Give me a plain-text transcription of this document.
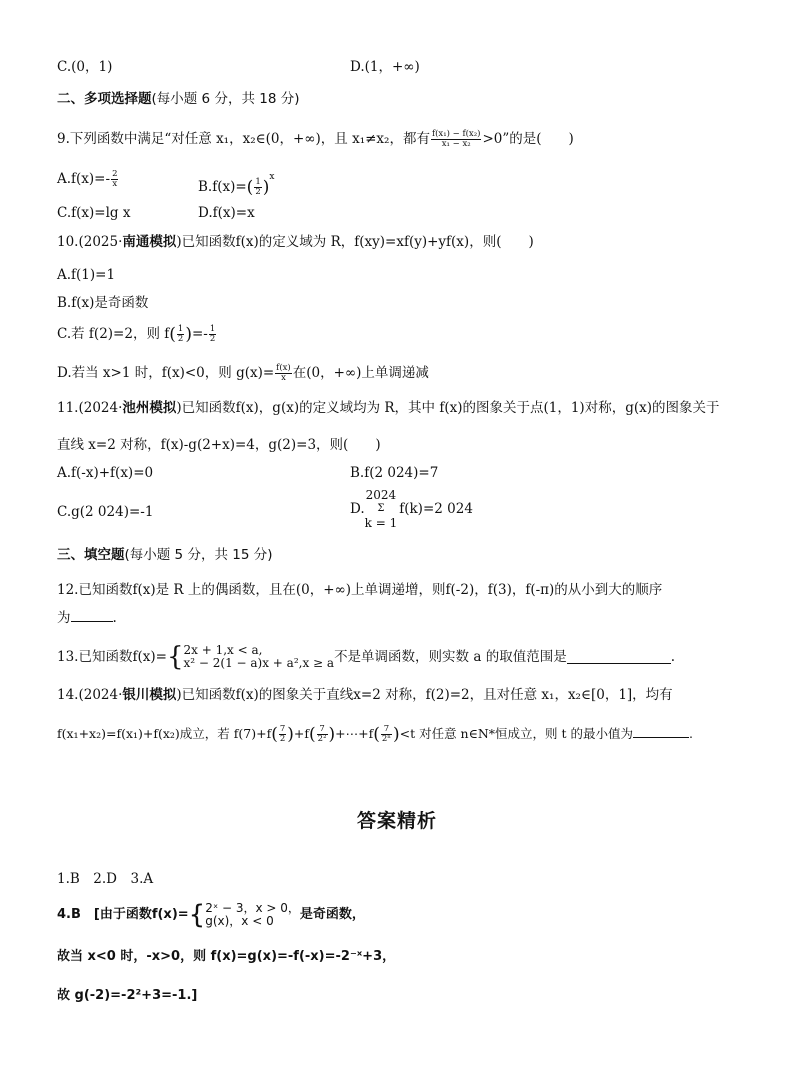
C.(0，1)	D.(1，+∞)
二、多项选择题(每小题 6 分，共 18 分)
9.下列函数中满足“对任意 x₁，x₂∈(0，+∞)，且 x₁≠x₂，都有 $\frac{\text{f(x₁) − f(x₂)}}{\text{x₁ − x₂}} >0$”的是(　　)
$A.f(x)=- \frac{2}{x}$	$B.f(x)=( \frac{1}{2} )^x$
C.f(x)=lg x	D.f(x)=x
10.(2025·南通模拟)已知函数f(x)的定义域为 R，f(xy)=xf(y)+yf(x)，则(　　)
A.f(1)=1
B.f(x)是奇函数
C.若 f(2)=2，则 $f( \frac{1}{2}$ )=- $\frac{1}{2}$
D.若当 x>1 时，f(x)<0，则 $g(x)= \frac{f(x)}{x}$ 在(0，+∞)上单调递减
11.(2024·池州模拟)已知函数f(x)，g(x)的定义域均为 R，其中 f(x)的图象关于点(1，1)对称，g(x)的图象关于
直线 x=2 对称，f(x)-g(2+x)=4，g(2)=3，则(　　)
A.f(-x)+f(x)=0	B.f(2 024)=7
C.g(2 024)=-1	D.
2024
Σ
k = 1
f(k)=2 024
三、填空题(每小题 5 分，共 15 分)
12.已知函数f(x)是 R 上的偶函数，且在(0，+∞)上单调递增，则f(-2)，f(3)，f(-π)的从小到大的顺序
为	.
13.已知函数f(x)={ 2x + 1,x < a,
x² − 2(1 − a)x + a²,x ≥ a 不是单调函数，则实数 a 的取值范围是	.
14.(2024·银川模拟)已知函数f(x)的图象关于直线x=2 对称，f(2)=2，且对任意 x₁，x₂∈[0，1]，均有
f(x₁+x₂)=f(x₁)+f(x₂)成立，若 $f(7)+f( \frac{7}{2} )+f( \frac{7}{\text{2²}}$ )+⋯+f( $\frac{7}{\text{2ⁿ}} )<t$ 对任意 n∈N*恒成立，则 t 的最小值为	.
答案精析
1.B　2.D　3.A
4.B　[由于函数f(x)={ 2ˣ − 3，x > 0，
g(x)，x < 0	是奇函数，
故当 x<0 时，-x>0，则 f(x)=g(x)=-f(-x)=-2⁻ˣ+3，
故 g(-2)=-2²+3=-1.]
